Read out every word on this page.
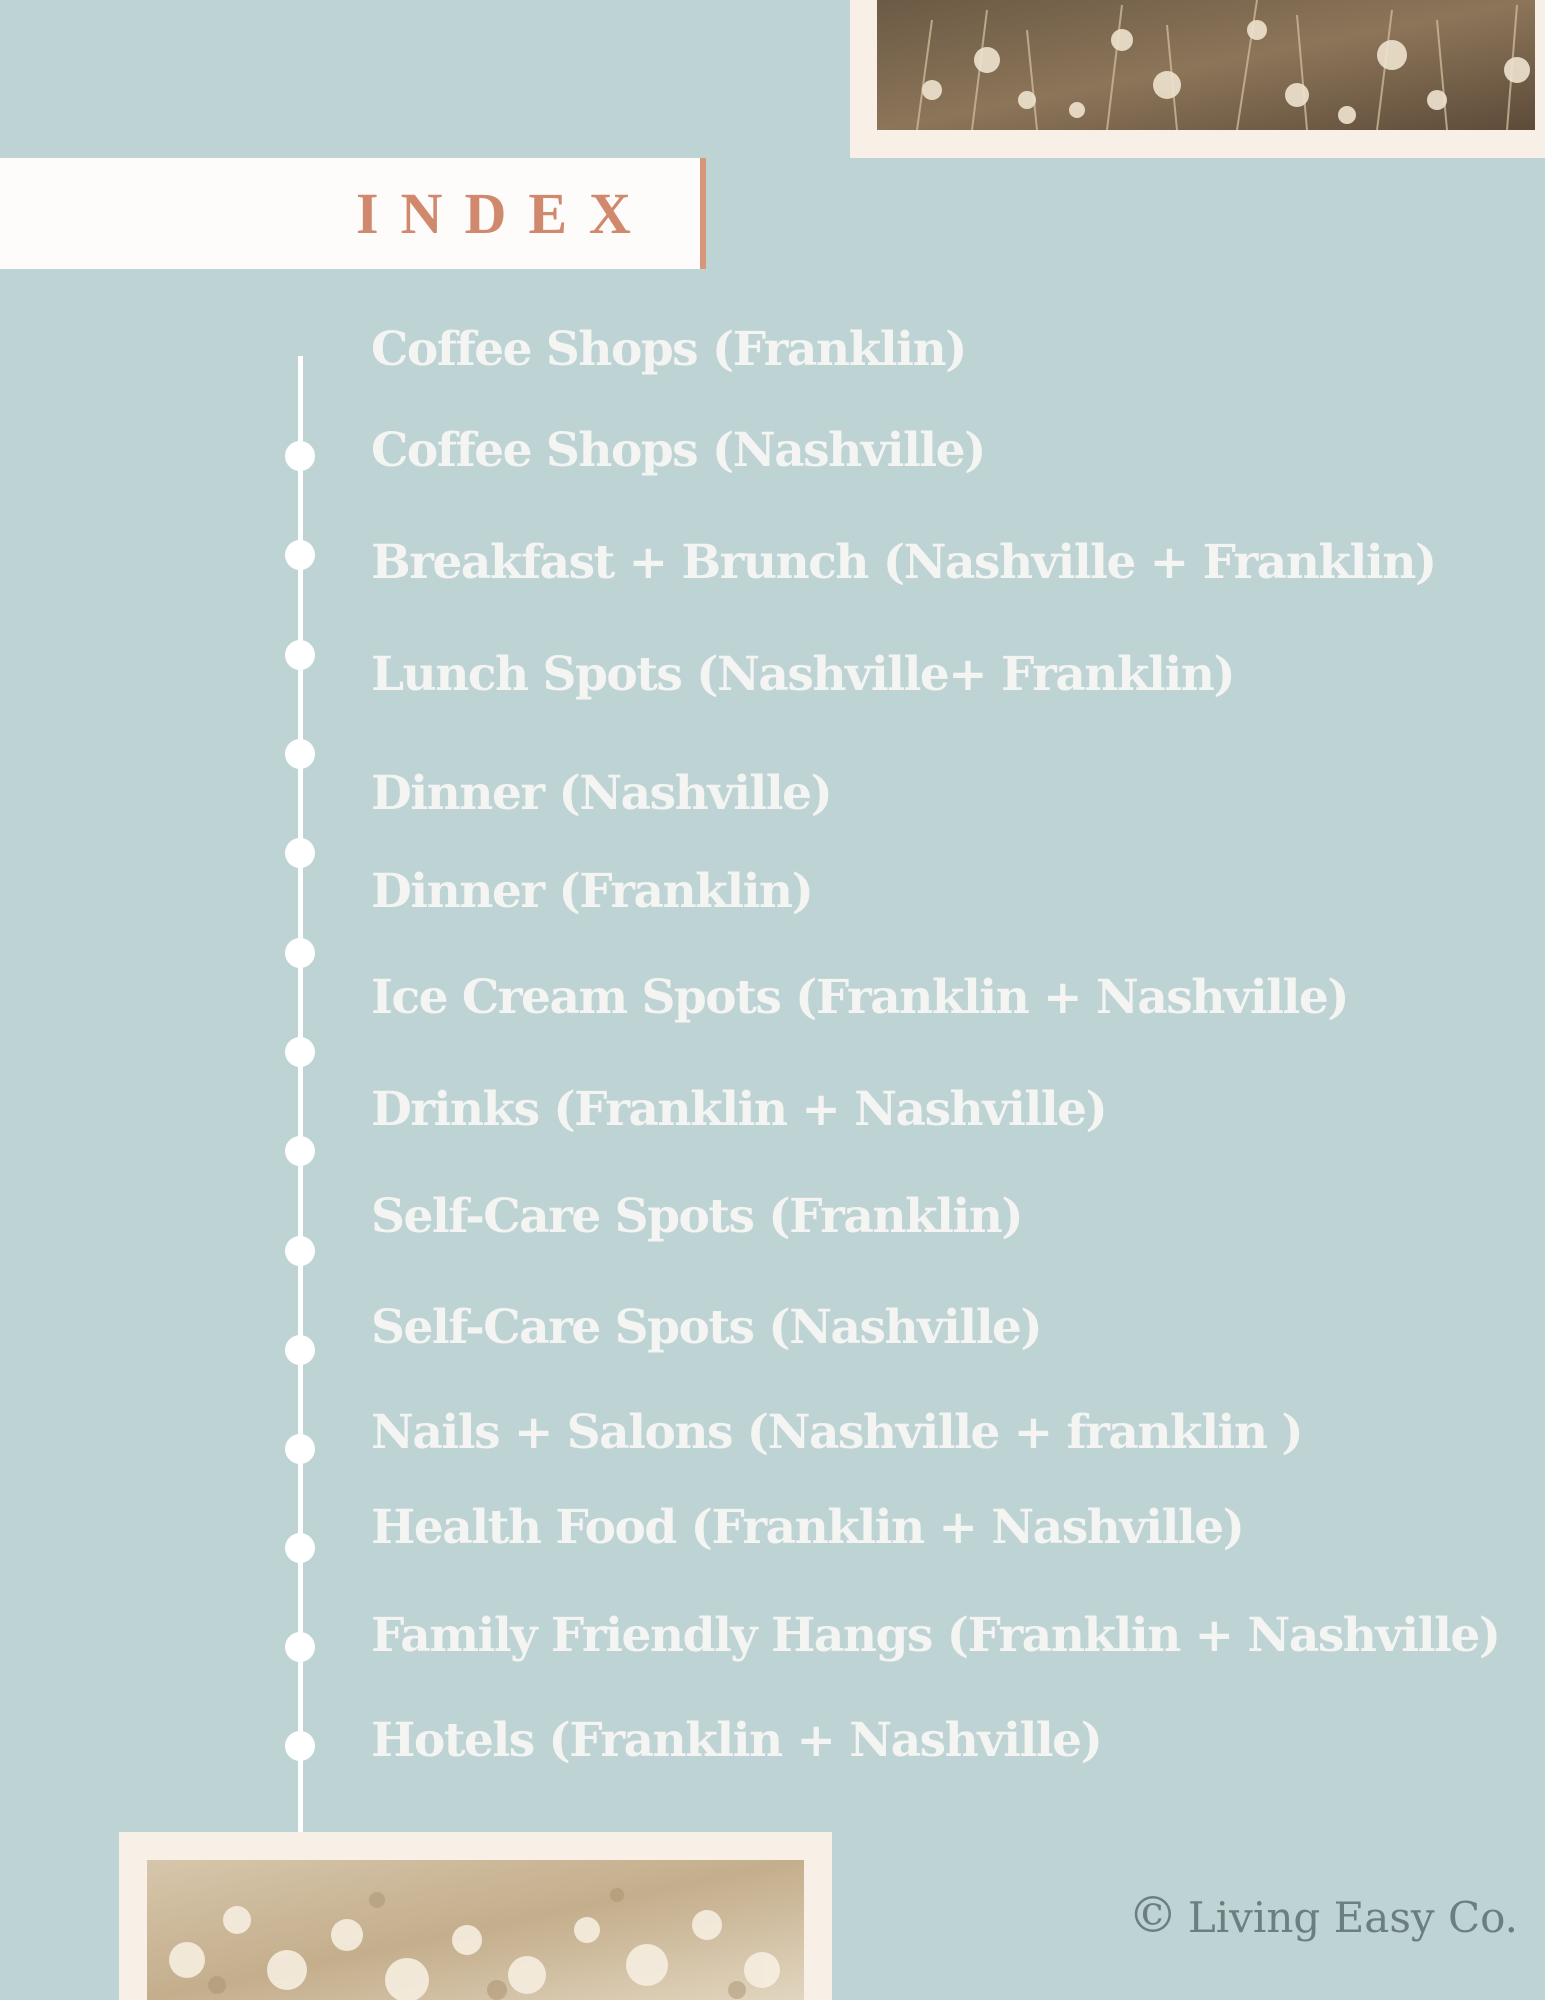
INDEX
Coffee Shops (Franklin)
Coffee Shops (Nashville)
Breakfast + Brunch (Nashville + Franklin)
Lunch Spots (Nashville+ Franklin)
Dinner (Nashville)
Dinner (Franklin)
Ice Cream Spots (Franklin + Nashville)
Drinks (Franklin + Nashville)
Self-Care Spots (Franklin)
Self-Care Spots (Nashville)
Nails + Salons (Nashville + franklin )
Health Food (Franklin + Nashville)
Family Friendly Hangs (Franklin + Nashville)
Hotels (Franklin + Nashville)
© Living Easy Co.
